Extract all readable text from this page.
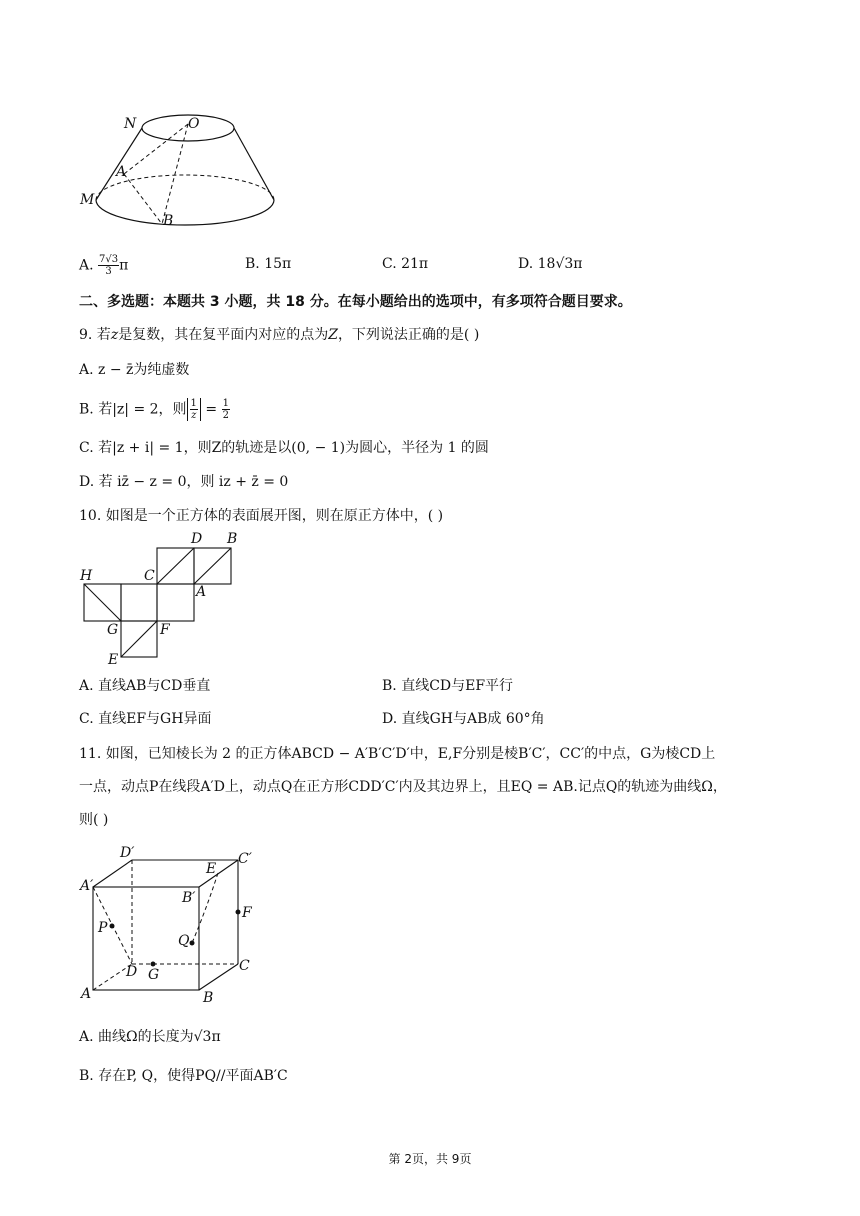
N	O
A
M
B
A. $\frac{7√3}{3}$ π	B. 15π	C. 21π	D. 18√3π
二、多选题：本题共 3 小题，共 18 分。在每小题给出的选项中，有多项符合题目要求。
9. 若z是复数，其在复平面内对应的点为Z，下列说法正确的是( )
A. z − z̄为纯虚数
B. 若|z| = 2，则 $\frac{1}{z} = \frac{1}{2}$
C. 若|z + i| = 1，则Z的轨迹是以(0, − 1)为圆心，半径为 1 的圆
D. 若 iz̄ − z = 0，则 iz + z̄ = 0
10. 如图是一个正方体的表面展开图，则在原正方体中，( )
D B
H	C
A
G	F
E
A. 直线AB与CD垂直	B. 直线CD与EF平行
C. 直线EF与GH异面	D. 直线GH与AB成 60°角
11. 如图，已知棱长为 2 的正方体ABCD − A′B′C′D′中，E,F分别是棱B′C′，CC′的中点，G为棱CD上
一点，动点P在线段A′D上，动点Q在正方形CDD′C′内及其边界上，且EQ = AB.记点Q的轨迹为曲线Ω，
则( )
D′	C′
A′
E
B′
F
P
Q
D G
C
A	B
A. 曲线Ω的长度为√3π
B. 存在P, Q，使得PQ//平面AB′C
第 2页，共 9页
